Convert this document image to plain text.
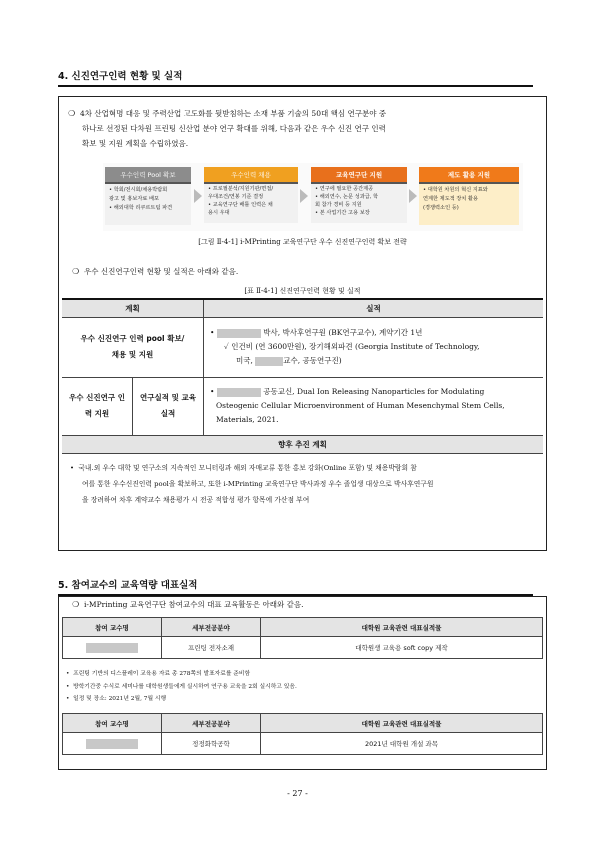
4. 신진연구인력 현황 및 실적
❍ 4차 산업혁명 대응 및 주력산업 고도화를 뒷받침하는 소재 부품 기술의 50대 핵심 연구분야 중
하나로 선정된 다차원 프린팅 신산업 분야 연구 확대를 위해, 다음과 같은 우수 신진 연구 인력
확보 및 지원 계획을 수립하였음.
우수인력 Pool 확보
• 학회/전시회/채용박람회
광고 및 홍보자료 배포
• 해외대학 리쿠르트팀 파견
우수인력 채용
• 프로필분석/지원기관/면접/
우대조건/연봉 기준 결정
• 교육연구단 배틀 인력은 채
용시 우대
교육연구단 지원
• 연구에 필요한 공간제공
• 해외연수, 논문 성과급, 학
회 참가 경비 등 지원
• 본 사업기간 고용 보장
제도 활용 지원
• 대학원 차원의 혁신 지표와
연계한 제도적 장치 활용
(경쟁력소인 등)
[그림 Ⅱ-4-1] i-MPrinting 교육연구단 우수 신진연구인력 확보 전략
❍ 우수 신진연구인력 현황 및 실적은 아래와 같음.
[표 Ⅱ-4-1] 신진연구인력 현황 및 실적
계획		실적
우수 신진연구 인력 pool 확보/채용 및 지원		• 박사, 박사후연구원 (BK연구교수), 계약기간 1년
✓ 인건비 (연 3600만원), 장기해외파견 (Georgia Institute of Technology,
미국, 교수, 공동연구진)

우수 신진연구 인력 지원	연구실적 및 교육실적	• 공동교신, Dual Ion Releasing Nanoparticles for Modulating
Osteogenic Cellular Microenvironment of Human Mesenchymal Stem Cells,
Materials, 2021.

향후 추진 계획		

•  국내․외 우수 대학 및 연구소의 지속적인 모니터링과 해외 자매교류 통한 홍보 강화(Online 포함) 및 채용박람회 참
여를 통한 우수신진인력 pool을 확보하고, 또한 i-MPrinting 교육연구단 박사과정 우수 졸업생 대상으로 박사후연구원
을 장려하여 차후 계약교수 채용평가 시 전공 적합성 평가 항목에 가산점 부여		
5. 참여교수의 교육역량 대표실적
❍ i-MPrinting 교육연구단 참여교수의 대표 교육활동은 아래와 같음.
참여 교수명	세부전공분야	대학원 교육관련 대표실적물
	프린팅 전자소재	대학원생 교육용 soft copy 제작
•  프린팅 기반의 디스플레이 교육용 자료 총 278쪽의 발표자료를 준비함
•  방학기간중 수식로 세미나를 대학원생들에게 실시하여 연구용 교육을 2회 실시하고 있음.
•  일정 및 장소: 2021년 2월, 7월 시행
참여 교수명	세부전공분야	대학원 교육관련 대표실적물
	정정화학공학	2021년 대학원 개설 과목
- 27 -
